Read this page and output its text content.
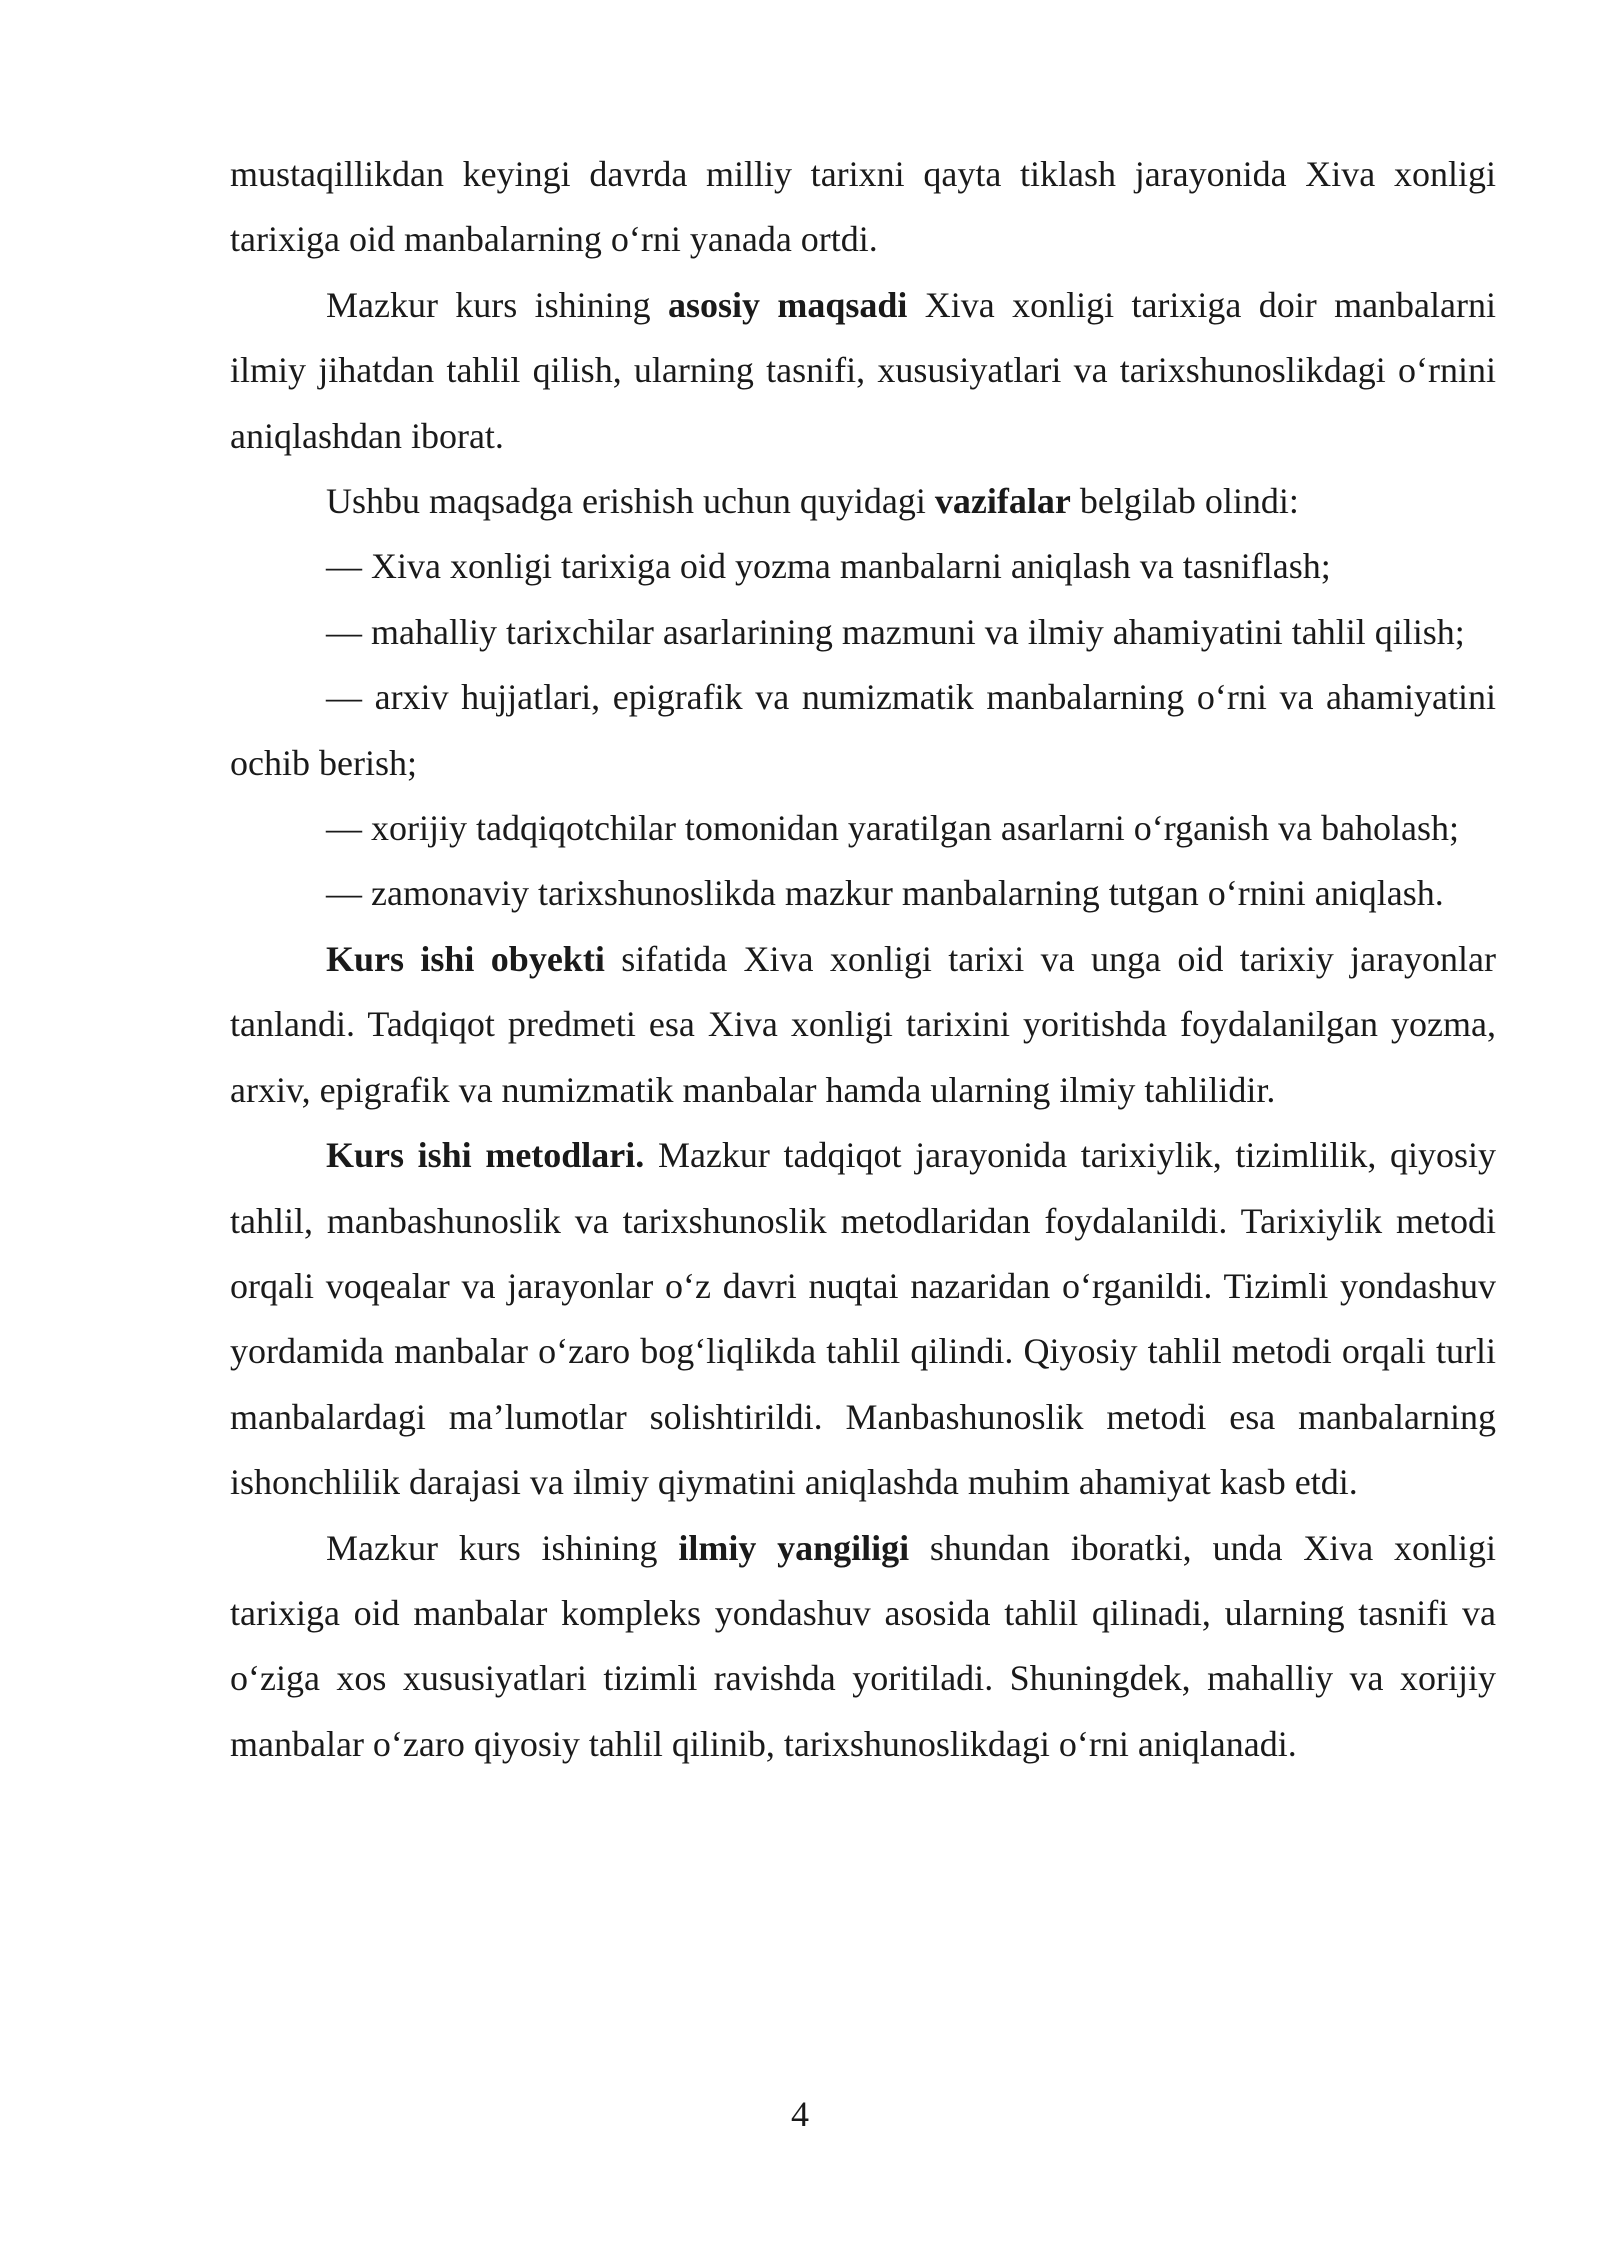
mustaqillikdan keyingi davrda milliy tarixni qayta tiklash jarayonida Xiva xonligi tarixiga oid manbalarning o‘rni yanada ortdi.

Mazkur kurs ishining asosiy maqsadi Xiva xonligi tarixiga doir manbalarni ilmiy jihatdan tahlil qilish, ularning tasnifi, xususiyatlari va tarixshunoslikdagi o‘rnini aniqlashdan iborat.

Ushbu maqsadga erishish uchun quyidagi vazifalar belgilab olindi:

— Xiva xonligi tarixiga oid yozma manbalarni aniqlash va tasniflash;

— mahalliy tarixchilar asarlarining mazmuni va ilmiy ahamiyatini tahlil qilish;

— arxiv hujjatlari, epigrafik va numizmatik manbalarning o‘rni va ahamiyatini ochib berish;

— xorijiy tadqiqotchilar tomonidan yaratilgan asarlarni o‘rganish va baholash;

— zamonaviy tarixshunoslikda mazkur manbalarning tutgan o‘rnini aniqlash.

Kurs ishi obyekti sifatida Xiva xonligi tarixi va unga oid tarixiy jarayonlar tanlandi. Tadqiqot predmeti esa Xiva xonligi tarixini yoritishda foydalanilgan yozma, arxiv, epigrafik va numizmatik manbalar hamda ularning ilmiy tahlilidir.

Kurs ishi metodlari. Mazkur tadqiqot jarayonida tarixiylik, tizimlilik, qiyosiy tahlil, manbashunoslik va tarixshunoslik metodlaridan foydalanildi. Tarixiylik metodi orqali voqealar va jarayonlar o‘z davri nuqtai nazaridan o‘rganildi. Tizimli yondashuv yordamida manbalar o‘zaro bog‘liqlikda tahlil qilindi. Qiyosiy tahlil metodi orqali turli manbalardagi ma’lumotlar solishtirildi. Manbashunoslik metodi esa manbalarning ishonchlilik darajasi va ilmiy qiymatini aniqlashda muhim ahamiyat kasb etdi.

Mazkur kurs ishining ilmiy yangiligi shundan iboratki, unda Xiva xonligi tarixiga oid manbalar kompleks yondashuv asosida tahlil qilinadi, ularning tasnifi va o‘ziga xos xususiyatlari tizimli ravishda yoritiladi. Shuningdek, mahalliy va xorijiy manbalar o‘zaro qiyosiy tahlil qilinib, tarixshunoslikdagi o‘rni aniqlanadi.

4
